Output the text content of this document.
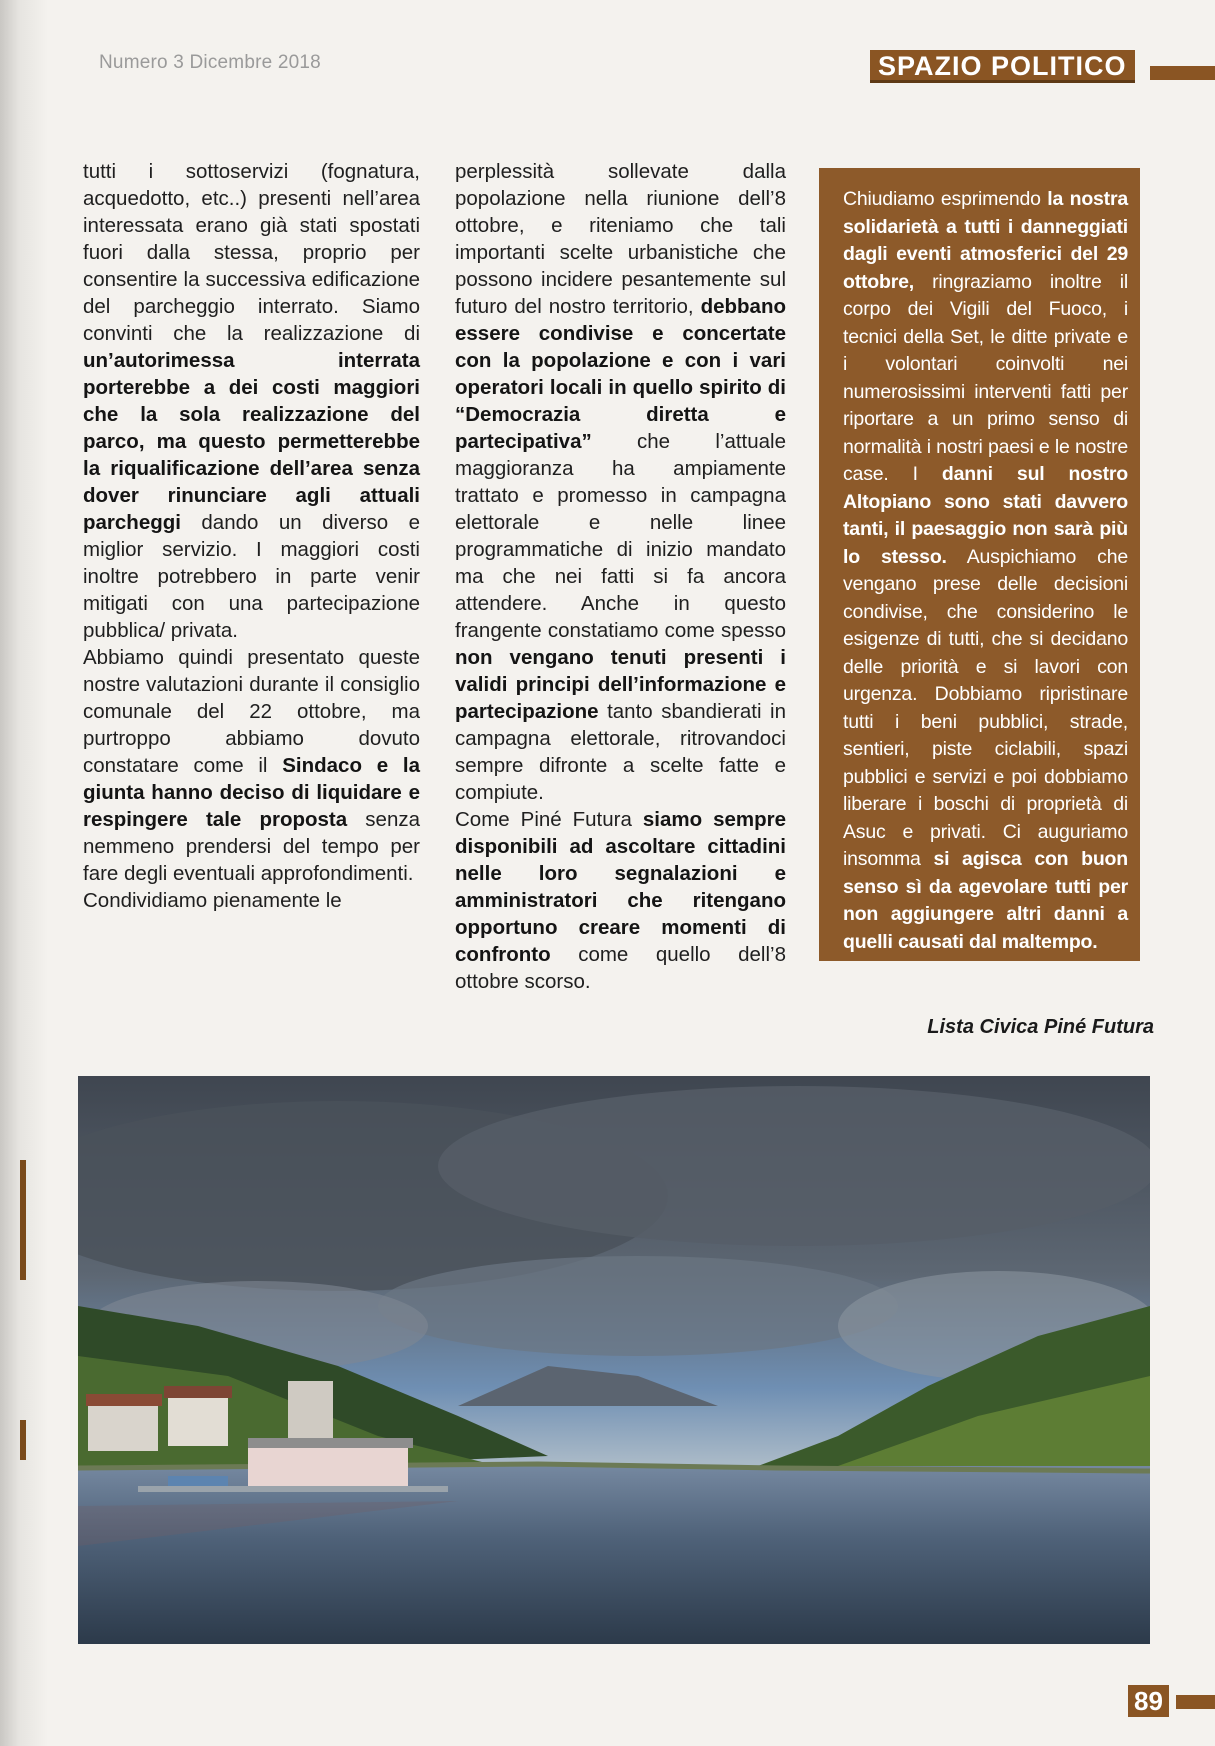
Numero 3 Dicembre 2018	SPAZIO POLITICO

tutti i sottoservizi (fognatura, acquedotto, etc..) presenti nell’area interessata erano già stati spostati fuori dalla stessa, proprio per consentire la successiva edificazione del parcheggio interrato. Siamo convinti che la realizzazione di un’autorimessa interrata porterebbe a dei costi maggiori che la sola realizzazione del parco, ma questo permetterebbe la riqualificazione dell’area senza dover rinunciare agli attuali parcheggi dando un diverso e miglior servizio. I maggiori costi inoltre potrebbero in parte venir mitigati con una partecipazione pubblica/ privata.
Abbiamo quindi presentato queste nostre valutazioni durante il consiglio comunale del 22 ottobre, ma purtroppo abbiamo dovuto constatare come il Sindaco e la giunta hanno deciso di liquidare e respingere tale proposta senza nemmeno prendersi del tempo per fare degli eventuali approfondimenti.
Condividiamo pienamente le

perplessità sollevate dalla popolazione nella riunione dell’8 ottobre, e riteniamo che tali importanti scelte urbanistiche che possono incidere pesantemente sul futuro del nostro territorio, debbano essere condivise e concertate con la popolazione e con i vari operatori locali in quello spirito di “Democrazia diretta e partecipativa” che l’attuale maggioranza ha ampiamente trattato e promesso in campagna elettorale e nelle linee programmatiche di inizio mandato ma che nei fatti si fa ancora attendere. Anche in questo frangente constatiamo come spesso non vengano tenuti presenti i validi principi dell’informazione e partecipazione tanto sbandierati in campagna elettorale, ritrovandoci sempre difronte a scelte fatte e compiute.
Come Piné Futura siamo sempre disponibili ad ascoltare cittadini nelle loro segnalazioni e amministratori che ritengano opportuno creare momenti di confronto come quello dell’8 ottobre scorso.

Chiudiamo esprimendo la nostra solidarietà a tutti i danneggiati dagli eventi atmosferici del 29 ottobre, ringraziamo inoltre il corpo dei Vigili del Fuoco, i tecnici della Set, le ditte private e i volontari coinvolti nei numerosissimi interventi fatti per riportare a un primo senso di normalità i nostri paesi e le nostre case. I danni sul nostro Altopiano sono stati davvero tanti, il paesaggio non sarà più lo stesso. Auspichiamo che vengano prese delle decisioni condivise, che considerino le esigenze di tutti, che si decidano delle priorità e si lavori con urgenza. Dobbiamo ripristinare tutti i beni pubblici, strade, sentieri, piste ciclabili, spazi pubblici e servizi e poi dobbiamo liberare i boschi di proprietà di Asuc e privati. Ci auguriamo insomma si agisca con buon senso sì da agevolare tutti per non aggiungere altri danni a quelli causati dal maltempo.

Lista Civica Piné Futura
89
